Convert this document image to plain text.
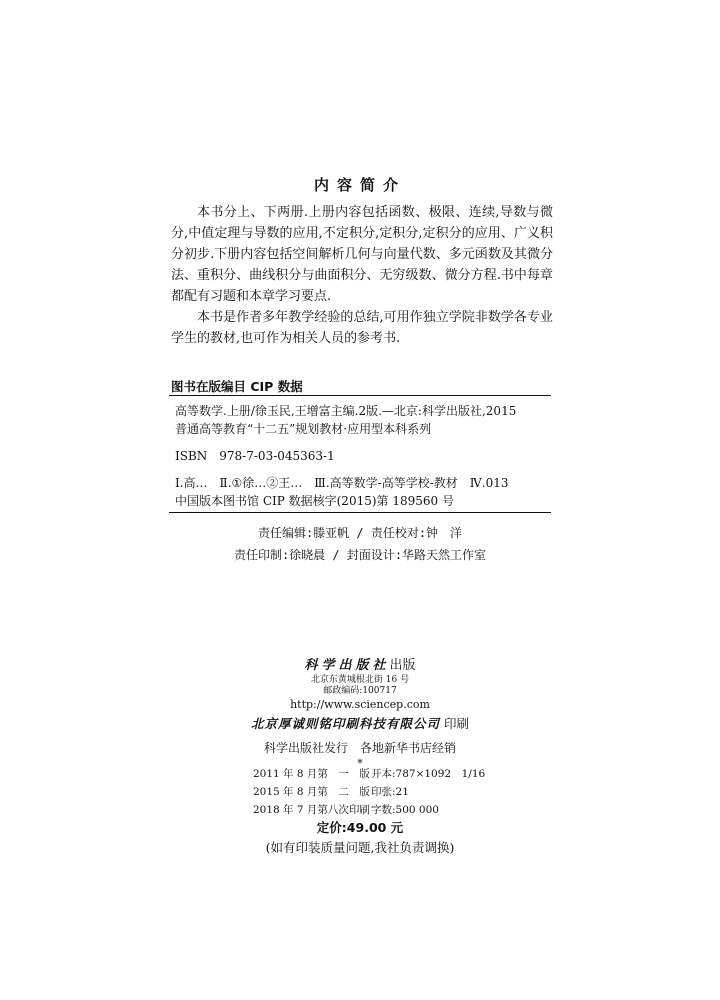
内容简介

本书分上、下两册.上册内容包括函数、极限、连续,导数与微分,中值定理与导数的应用,不定积分,定积分,定积分的应用、广义积分初步.下册内容包括空间解析几何与向量代数、多元函数及其微分法、重积分、曲线积分与曲面积分、无穷级数、微分方程.书中每章都配有习题和本章学习要点.

本书是作者多年教学经验的总结,可用作独立学院非数学各专业学生的教材,也可作为相关人员的参考书.

图书在版编目 CIP 数据
高等数学.上册/徐玉民,王增富主编.2版.—北京:科学出版社,2015
普通高等教育“十二五”规划教材·应用型本科系列
ISBN　978-7-03-045363-1
Ⅰ.高…　Ⅱ.①徐…②王…　Ⅲ.高等数学-高等学校-教材　Ⅳ.013
中国版本图书馆 CIP 数据核字(2015)第 189560 号
责任编辑:滕亚帆 / 责任校对:钟　洋
责任印制:徐晓晨 / 封面设计:华路天然工作室
科学出版社出版
北京东黄城根北街 16 号
邮政编码:100717
http://www.sciencep.com
北京厚诚则铭印刷科技有限公司 印刷
科学出版社发行　各地新华书店经销
*
2011 年 8 月第　一　版开本:787×1092　1/16
2015 年 8 月第　二　版印张:21
2018 年 7 月第八次印刷字数:500 000
定价:49.00 元
(如有印装质量问题,我社负责调换)
